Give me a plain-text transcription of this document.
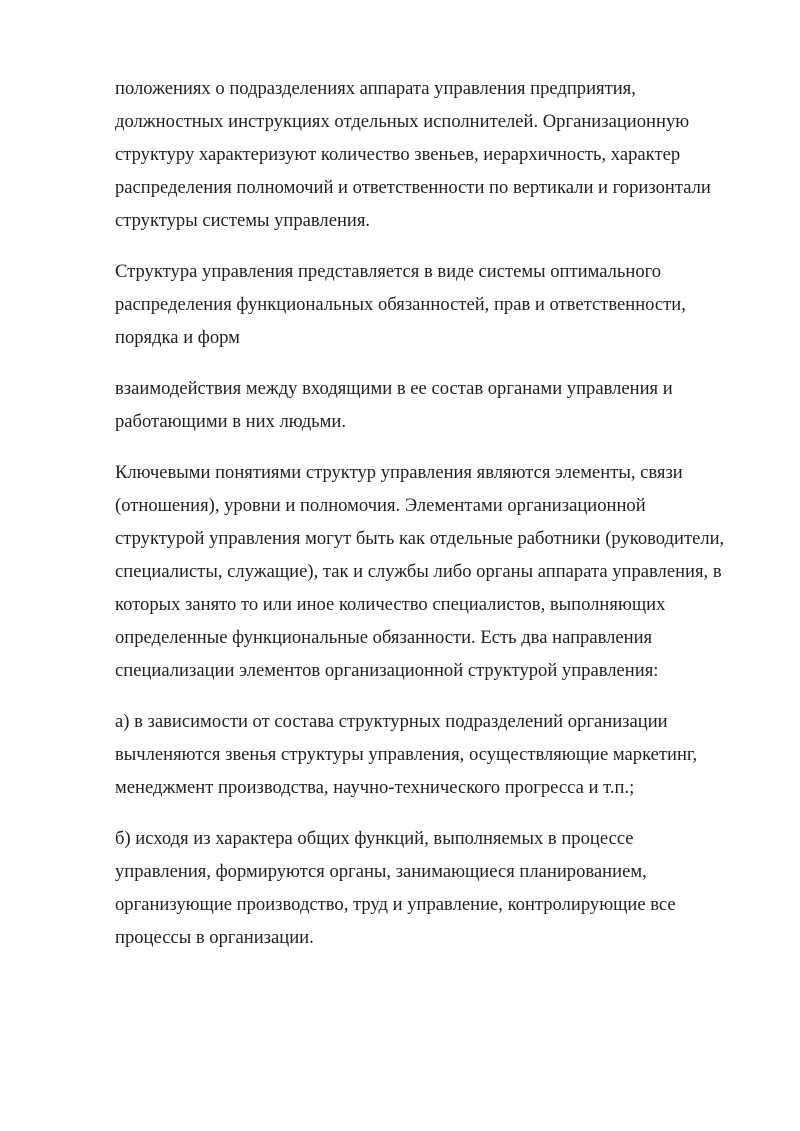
положениях о подразделениях аппарата управления предприятия,
должностных инструкциях отдельных исполнителей. Организационную
структуру характеризуют количество звеньев, иерархичность, характер
распределения полномочий и ответственности по вертикали и горизонтали
структуры системы управления.

Структура управления представляется в виде системы оптимального
распределения функциональных обязанностей, прав и ответственности,
порядка и форм

взаимодействия между входящими в ее состав органами управления и
работающими в них людьми.

Ключевыми понятиями структур управления являются элементы, связи
(отношения), уровни и полномочия. Элементами организационной
структурой управления могут быть как отдельные работники (руководители,
специалисты, служащие), так и службы либо органы аппарата управления, в
которых занято то или иное количество специалистов, выполняющих
определенные функциональные обязанности. Есть два направления
специализации элементов организационной структурой управления:

а) в зависимости от состава структурных подразделений организации
вычленяются звенья структуры управления, осуществляющие маркетинг,
менеджмент производства, научно-технического прогресса и т.п.;

б) исходя из характера общих функций, выполняемых в процессе
управления, формируются органы, занимающиеся планированием,
организующие производство, труд и управление, контролирующие все
процессы в организации.
